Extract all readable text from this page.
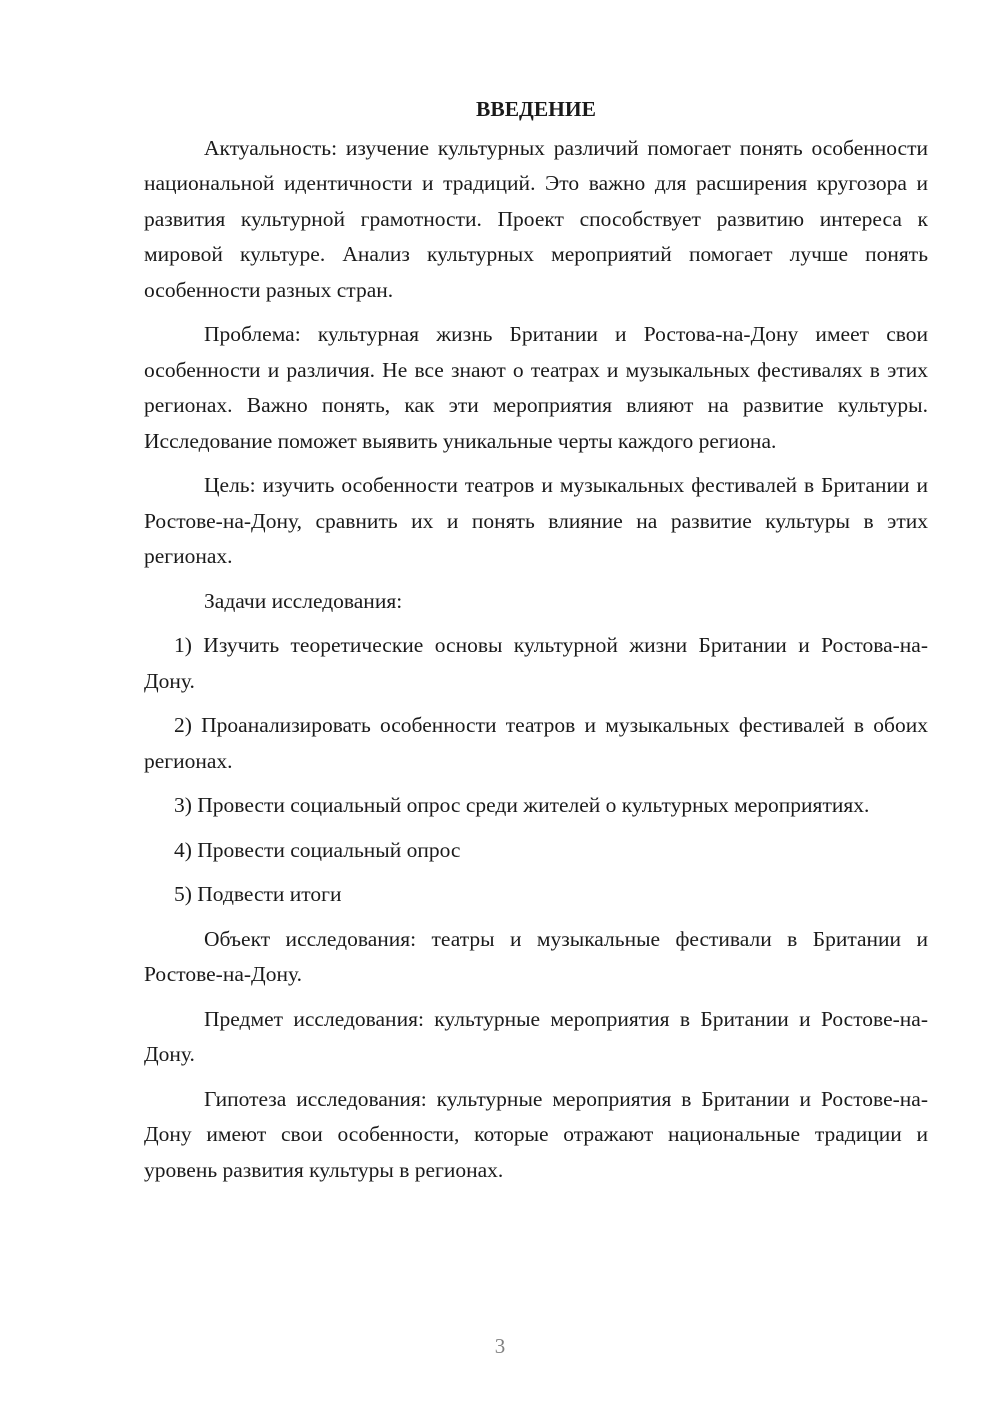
ВВЕДЕНИЕ

Актуальность: изучение культурных различий помогает понять особенности национальной идентичности и традиций. Это важно для расширения кругозора и развития культурной грамотности. Проект способствует развитию интереса к мировой культуре. Анализ культурных мероприятий помогает лучше понять особенности разных стран.

Проблема: культурная жизнь Британии и Ростова-на-Дону имеет свои особенности и различия. Не все знают о театрах и музыкальных фестивалях в этих регионах. Важно понять, как эти мероприятия влияют на развитие культуры. Исследование поможет выявить уникальные черты каждого региона.

Цель: изучить особенности театров и музыкальных фестивалей в Британии и Ростове-на-Дону, сравнить их и понять влияние на развитие культуры в этих регионах.

Задачи исследования:

1) Изучить теоретические основы культурной жизни Британии и Ростова-на-Дону.

2) Проанализировать особенности театров и музыкальных фестивалей в обоих регионах.

3) Провести социальный опрос среди жителей о культурных мероприятиях.

4) Провести социальный опрос

5) Подвести итоги

Объект исследования: театры и музыкальные фестивали в Британии и Ростове-на-Дону.

Предмет исследования: культурные мероприятия в Британии и Ростове-на-Дону.

Гипотеза исследования: культурные мероприятия в Британии и Ростове-на-Дону имеют свои особенности, которые отражают национальные традиции и уровень развития культуры в регионах.

3
